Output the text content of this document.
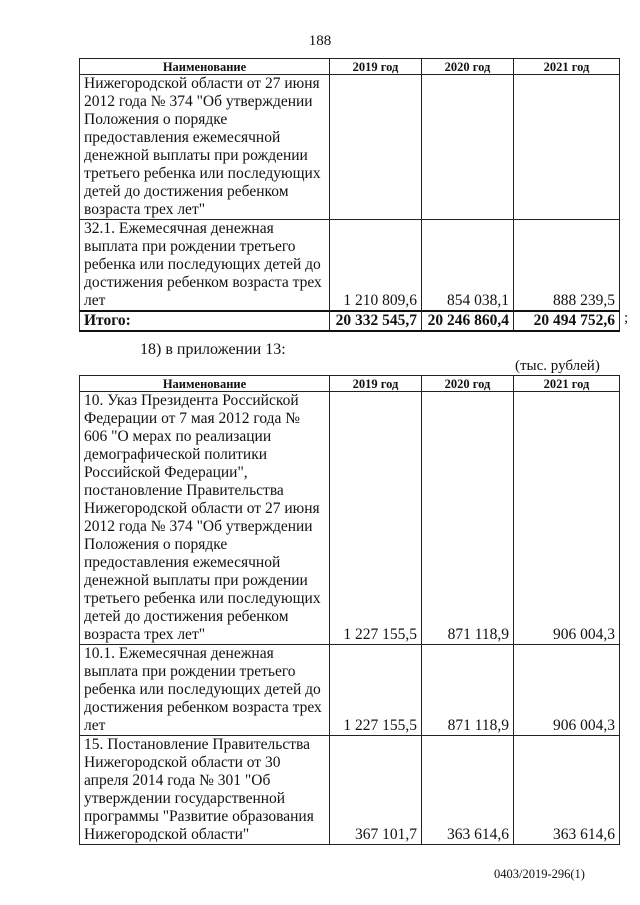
188
Наименование	2019 год	2020 год	2021 год
Нижегородской области от 27 июня 2012 года № 374 "Об утверждении Положения о порядке предоставления ежемесячной денежной выплаты при рождении третьего ребенка или последующих детей до достижения ребенком возраста трех лет"			
32.1. Ежемесячная денежная выплата при рождении третьего ребенка или последующих детей до достижения ребенком возраста трех лет	1 210 809,6	854 038,1	888 239,5
Итого:	20 332 545,7	20 246 860,4	20 494 752,6 ;
18) в приложении 13:
(тыс. рублей)
Наименование	2019 год	2020 год	2021 год
10. Указ Президента Российской Федерации от 7 мая 2012 года № 606 "О мерах по реализации демографической политики Российской Федерации", постановление Правительства Нижегородской области от 27 июня 2012 года № 374 "Об утверждении Положения о порядке предоставления ежемесячной денежной выплаты при рождении третьего ребенка или последующих детей до достижения ребенком возраста трех лет"	1 227 155,5	871 118,9	906 004,3
10.1. Ежемесячная денежная выплата при рождении третьего ребенка или последующих детей до достижения ребенком возраста трех лет	1 227 155,5	871 118,9	906 004,3
15. Постановление Правительства Нижегородской области от 30 апреля 2014 года № 301 "Об утверждении государственной программы "Развитие образования Нижегородской области"	367 101,7	363 614,6	363 614,6
0403/2019-296(1)
